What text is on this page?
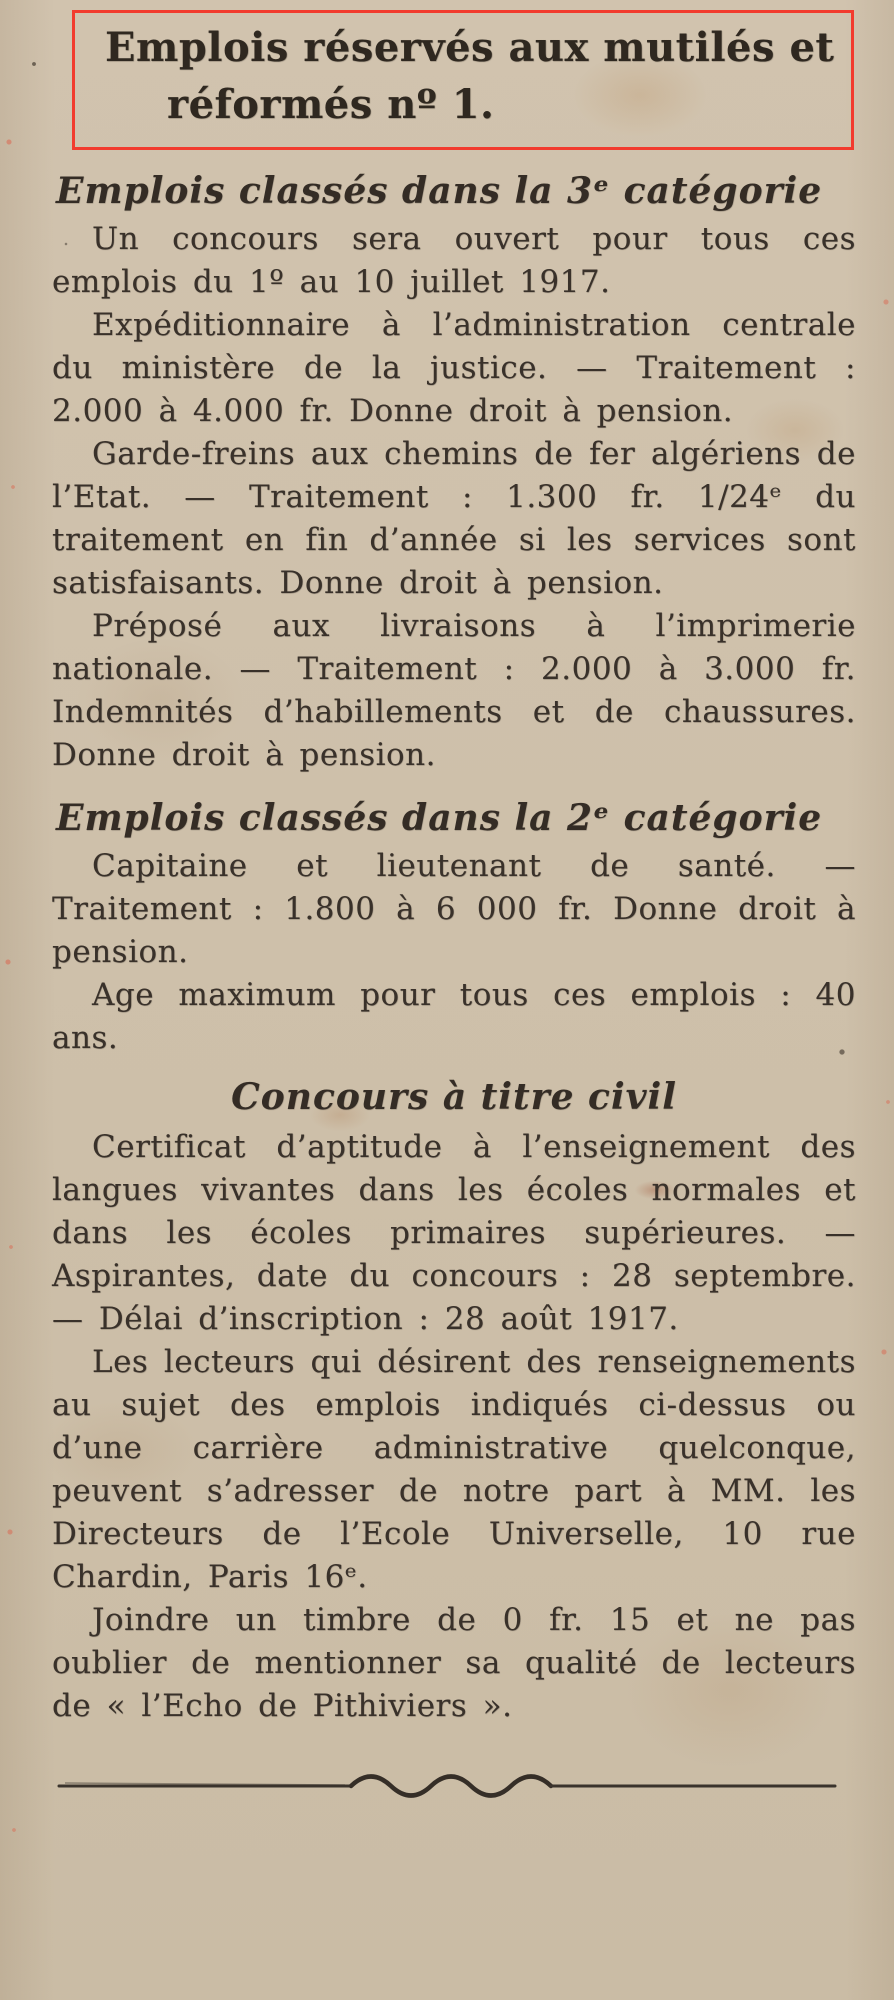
Emplois réservés aux mutilés et réformés nº 1.
Emplois classés dans la 3ᵉ catégorie

Un concours sera ouvert pour tous ces emplois du 1º au 10 juillet 1917.

Expéditionnaire à l’administration centrale du ministère de la justice. — Traitement : 2.000 à 4.000 fr. Donne droit à pension.

Garde-freins aux chemins de fer algériens de l’Etat. — Traitement : 1.300 fr. 1/24ᵉ du traitement en fin d’année si les services sont satisfaisants. Donne droit à pension.

Préposé aux livraisons à l’imprimerie nationale. — Traitement : 2.000 à 3.000 fr. Indemnités d’habillements et de chaussures. Donne droit à pension.

Emplois classés dans la 2ᵉ catégorie

Capitaine et lieutenant de santé. — Traitement : 1.800 à 6 000 fr. Donne droit à pension.

Age maximum pour tous ces emplois : 40 ans.

Concours à titre civil

Certificat d’aptitude à l’enseignement des langues vivantes dans les écoles normales et dans les écoles primaires supérieures. — Aspirantes, date du concours : 28 septembre. — Délai d’inscription : 28 août 1917.

Les lecteurs qui désirent des renseignements au sujet des emplois indiqués ci-dessus ou d’une carrière administrative quelconque, peuvent s’adresser de notre part à MM. les Directeurs de l’Ecole Universelle, 10 rue Chardin, Paris 16ᵉ.

Joindre un timbre de 0 fr. 15 et ne pas oublier de mentionner sa qualité de lecteurs de « l’Echo de Pithiviers ».
